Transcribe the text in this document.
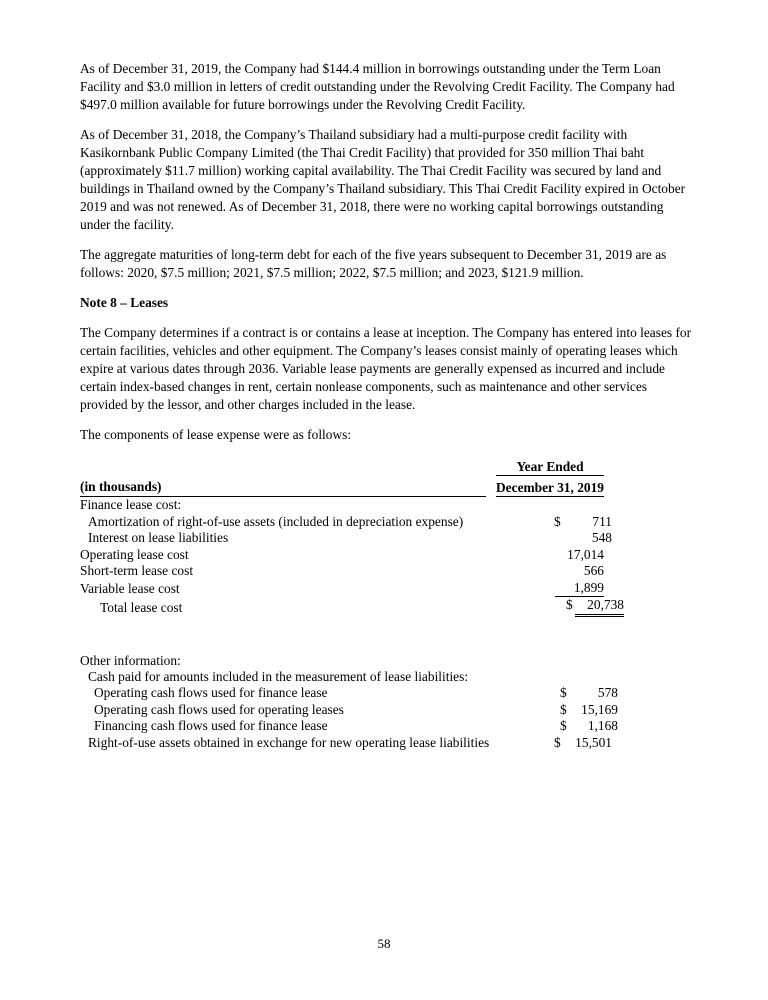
As of December 31, 2019, the Company had $144.4 million in borrowings outstanding under the Term Loan Facility and $3.0 million in letters of credit outstanding under the Revolving Credit Facility. The Company had $497.0 million available for future borrowings under the Revolving Credit Facility.

As of December 31, 2018, the Company’s Thailand subsidiary had a multi-purpose credit facility with Kasikornbank Public Company Limited (the Thai Credit Facility) that provided for 350 million Thai baht (approximately $11.7 million) working capital availability. The Thai Credit Facility was secured by land and buildings in Thailand owned by the Company’s Thailand subsidiary. This Thai Credit Facility expired in October 2019 and was not renewed. As of December 31, 2018, there were no working capital borrowings outstanding under the facility.

The aggregate maturities of long-term debt for each of the five years subsequent to December 31, 2019 are as follows: 2020, $7.5 million; 2021, $7.5 million; 2022, $7.5 million; and 2023, $121.9 million.

Note 8 – Leases

The Company determines if a contract is or contains a lease at inception. The Company has entered into leases for certain facilities, vehicles and other equipment. The Company’s leases consist mainly of operating leases which expire at various dates through 2036. Variable lease payments are generally expensed as incurred and include certain index-based changes in rent, certain nonlease components, such as maintenance and other services provided by the lessor, and other charges included in the lease.

The components of lease expense were as follows:

Year Ended
(in thousands)	December 31, 2019
Finance lease cost:
Amortization of right-of-use assets (included in depreciation expense)	$	711
Interest on lease liabilities	548
Operating lease cost	17,014
Short-term lease cost	566
Variable lease cost	1,899
Total lease cost	$	20,738
Other information:
Cash paid for amounts included in the measurement of lease liabilities:
Operating cash flows used for finance lease	$	578
Operating cash flows used for operating leases	$	15,169
Financing cash flows used for finance lease	$	1,168
Right-of-use assets obtained in exchange for new operating lease liabilities	$	15,501
58
